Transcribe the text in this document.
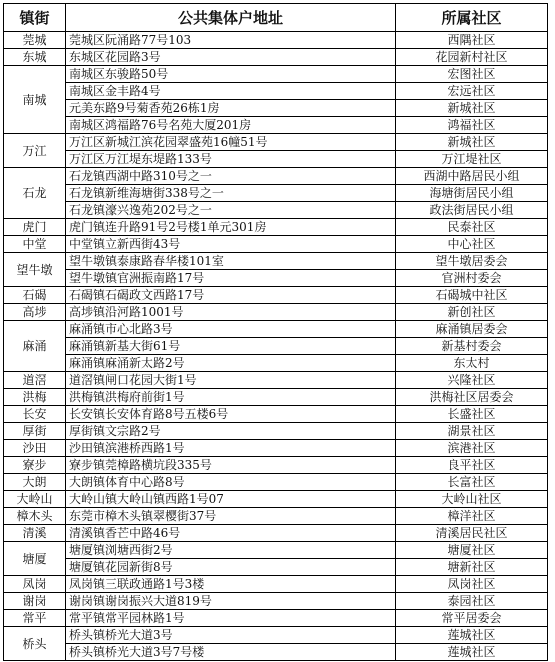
镇街	公共集体户地址	所属社区
莞城	莞城区阮涌路77号103	西隅社区
东城	东城区花园路3号	花园新村社区
南城	南城区东骏路50号	宏图社区
	南城区金丰路4号	宏远社区
	元美东路9号菊香苑26栋1房	新城社区
	南城区鸿福路76号名苑大厦201房	鸿福社区
万江	万江区新城江滨花园翠盛苑16幢51号	新城社区
	万江区万江堤东堤路133号	万江堤社区
石龙	石龙镇西湖中路310号之一	西湖中路居民小组
	石龙镇新维海塘街338号之一	海塘街居民小组
	石龙镇濠兴逸苑202号之一	政法街居民小组
虎门	虎门镇连升路91号2号楼1单元301房	民泰社区
中堂	中堂镇立新西街43号	中心社区
望牛墩	望牛墩镇泰康路春华楼101室	望牛墩居委会
	望牛墩镇官洲振南路17号	官洲村委会
石碣	石碣镇石碣政文西路17号	石碣城中社区
高埗	高埗镇沿河路1001号	新创社区
麻涌	麻涌镇市心北路3号	麻涌镇居委会
	麻涌镇新基大街61号	新基村委会
	麻涌镇麻涌新太路2号	东太村
道滘	道滘镇闸口花园大街1号	兴隆社区
洪梅	洪梅镇洪梅府前街1号	洪梅社区居委会
长安	长安镇长安体育路8号五楼6号	长盛社区
厚街	厚街镇文宗路2号	湖景社区
沙田	沙田镇滨港桥西路1号	滨港社区
寮步	寮步镇莞樟路横坑段335号	良平社区
大朗	大朗镇体育中心路8号	长富社区
大岭山	大岭山镇大岭山镇西路1号07	大岭山社区
樟木头	东莞市樟木头镇翠樱街37号	樟洋社区
清溪	清溪镇香芒中路46号	清溪居民社区
塘厦	塘厦镇浏塘西街2号	塘厦社区
	塘厦镇花园新街8号	塘新社区
凤岗	凤岗镇三联政通路1号3楼	凤岗社区
谢岗	谢岗镇谢岗振兴大道819号	泰园社区
常平	常平镇常平园林路1号	常平居委会
桥头	桥头镇桥光大道3号	莲城社区
	桥头镇桥光大道3号7号楼	莲城社区
